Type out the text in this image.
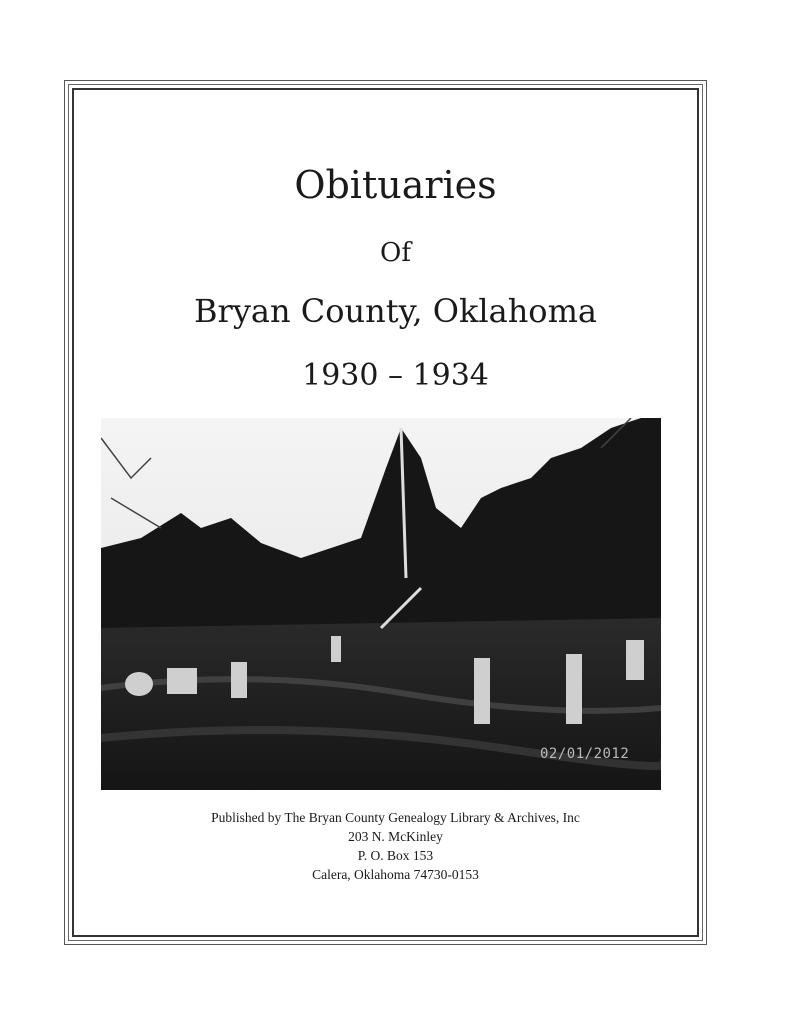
Obituaries
Of
Bryan County, Oklahoma
1930 – 1934
02/01/2012
Published by The Bryan County Genealogy Library & Archives, Inc
203 N. McKinley
P. O. Box 153
Calera, Oklahoma 74730-0153
